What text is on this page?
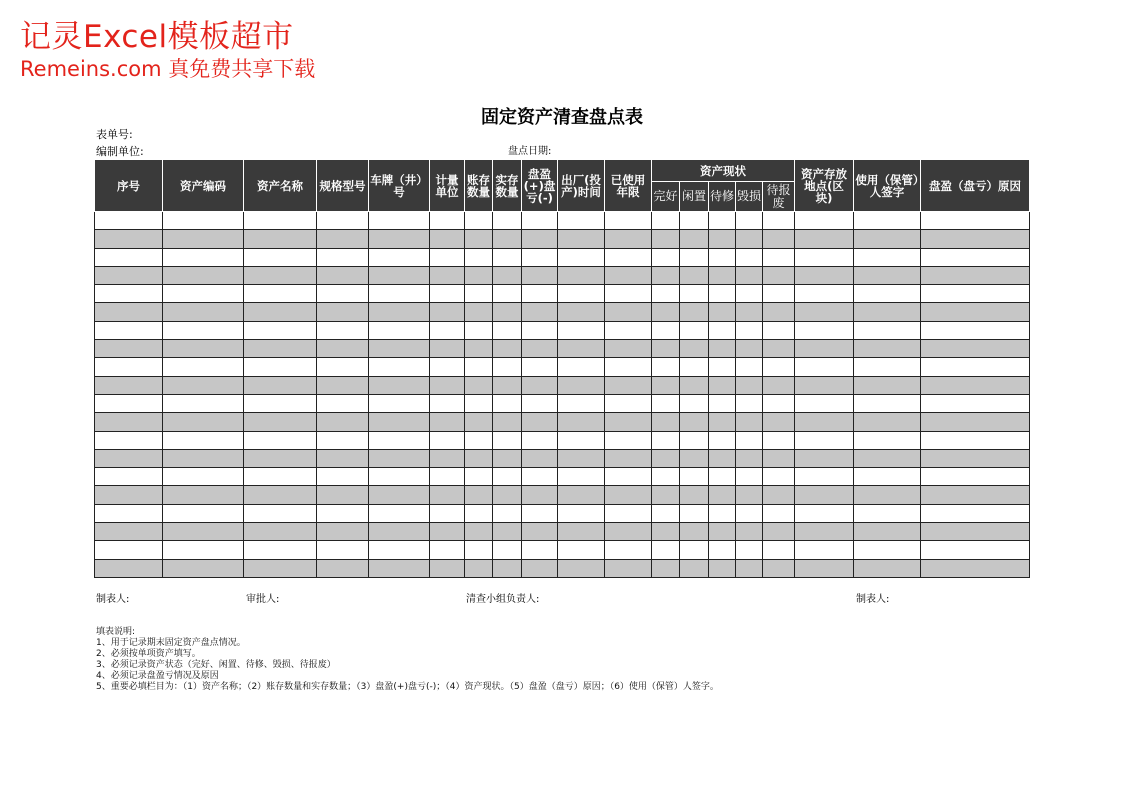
记灵Excel模板超市
Remeins.com 真免费共享下载
固定资产清查盘点表
表单号:
编制单位:	盘点日期:
序号	资产编码	资产名称	规格型号	车牌（井）号	计量单位	账存数量	实存数量	盘盈(+)盘亏(-)	出厂(投产)时间	已使用年限	资产现状					资产存放地点(区块)	使用（保管）人签字	盘盈（盘亏）原因
											完好	闲置	待修	毁损	待报废			

制表人:	审批人:	清查小组负责人:	制表人:
填表说明:
1、用于记录期末固定资产盘点情况。
2、必须按单项资产填写。
3、必须记录资产状态（完好、闲置、待修、毁损、待报废）
4、必须记录盘盈亏情况及原因
5、重要必填栏目为：（1）资产名称；（2）账存数量和实存数量；（3）盘盈(+)盘亏(-)；（4）资产现状。（5）盘盈（盘亏）原因；（6）使用（保管）人签字。
